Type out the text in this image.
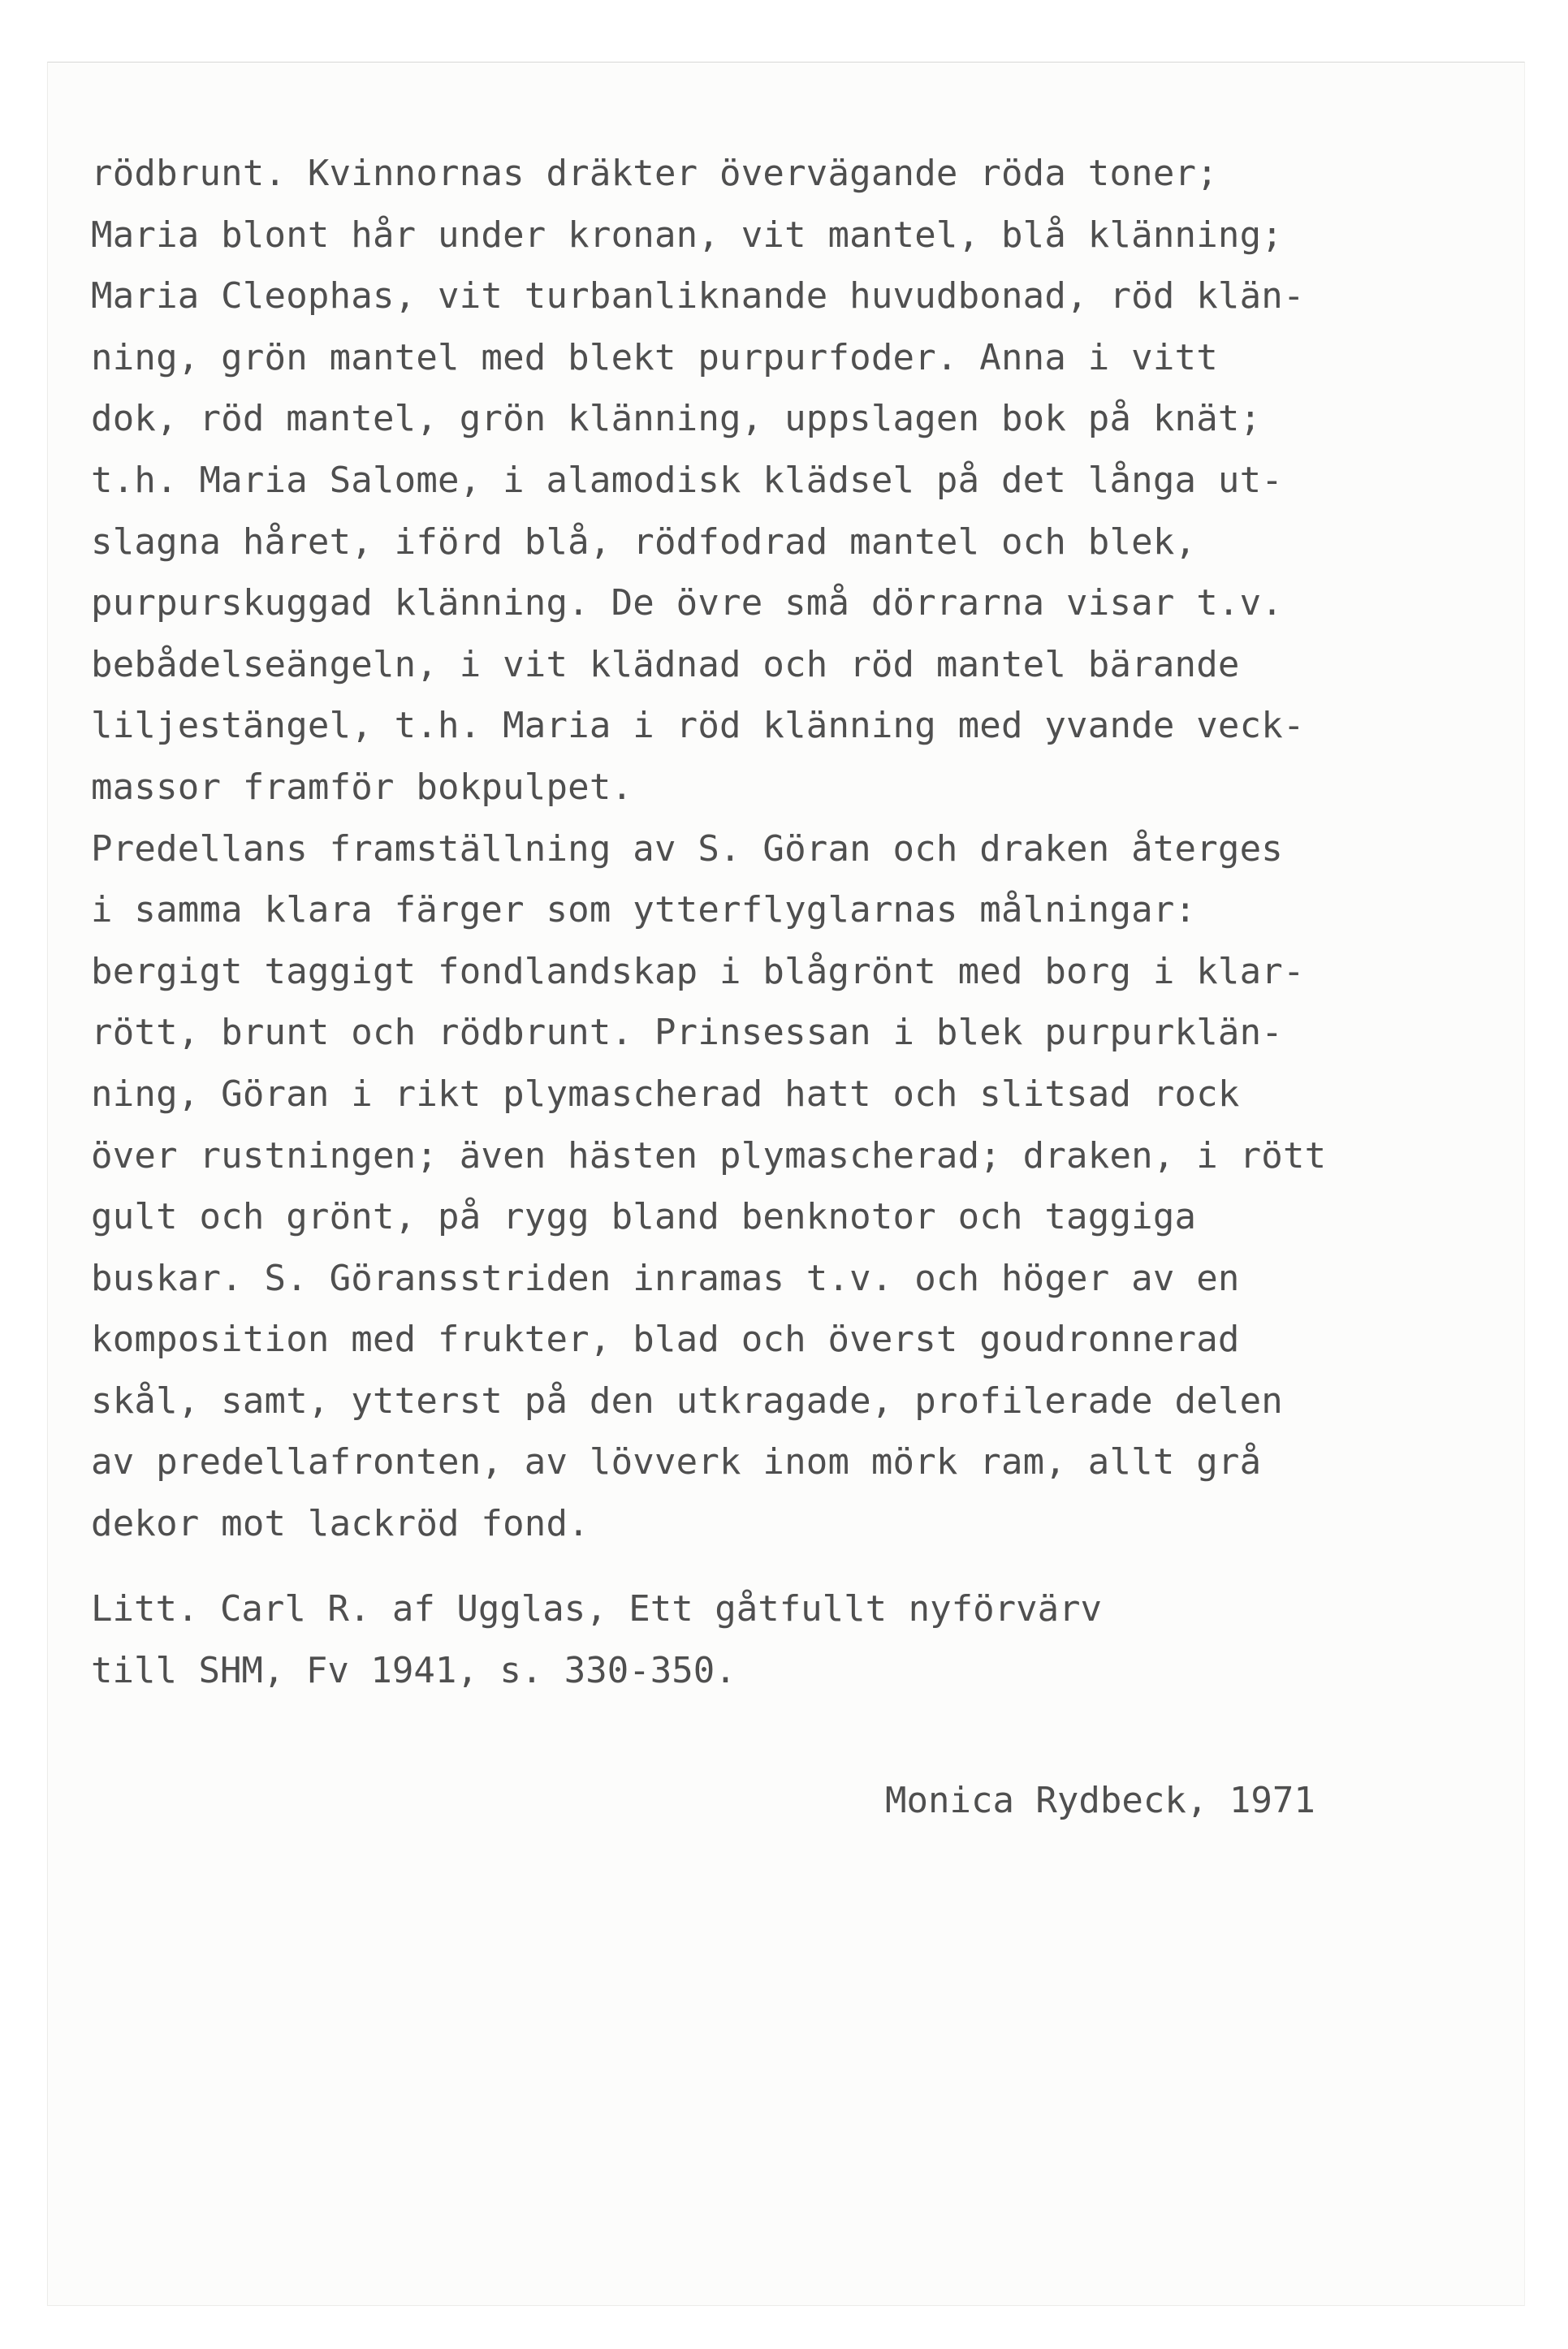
rödbrunt. Kvinnornas dräkter övervägande röda toner;
Maria blont hår under kronan, vit mantel, blå klänning;
Maria Cleophas, vit turbanliknande huvudbonad, röd klän-
ning, grön mantel med blekt purpurfoder. Anna i vitt
dok, röd mantel, grön klänning, uppslagen bok på knät;
t.h. Maria Salome, i alamodisk klädsel på det långa ut-
slagna håret, iförd blå, rödfodrad mantel och blek,
purpurskuggad klänning. De övre små dörrarna visar t.v.
bebådelseängeln, i vit klädnad och röd mantel bärande
liljestängel, t.h. Maria i röd klänning med yvande veck-
massor framför bokpulpet.
Predellans framställning av S. Göran och draken återges
i samma klara färger som ytterflyglarnas målningar:
bergigt taggigt fondlandskap i blågrönt med borg i klar-
rött, brunt och rödbrunt. Prinsessan i blek purpurklän-
ning, Göran i rikt plymascherad hatt och slitsad rock
över rustningen; även hästen plymascherad; draken, i rött
gult och grönt, på rygg bland benknotor och taggiga
buskar. S. Göransstriden inramas t.v. och höger av en
komposition med frukter, blad och överst goudronnerad
skål, samt, ytterst på den utkragade, profilerade delen
av predellafronten, av lövverk inom mörk ram, allt grå
dekor mot lackröd fond.
Litt. Carl R. af Ugglas, Ett gåtfullt nyförvärv
till SHM, Fv 1941, s. 330-350.
Monica Rydbeck, 1971
